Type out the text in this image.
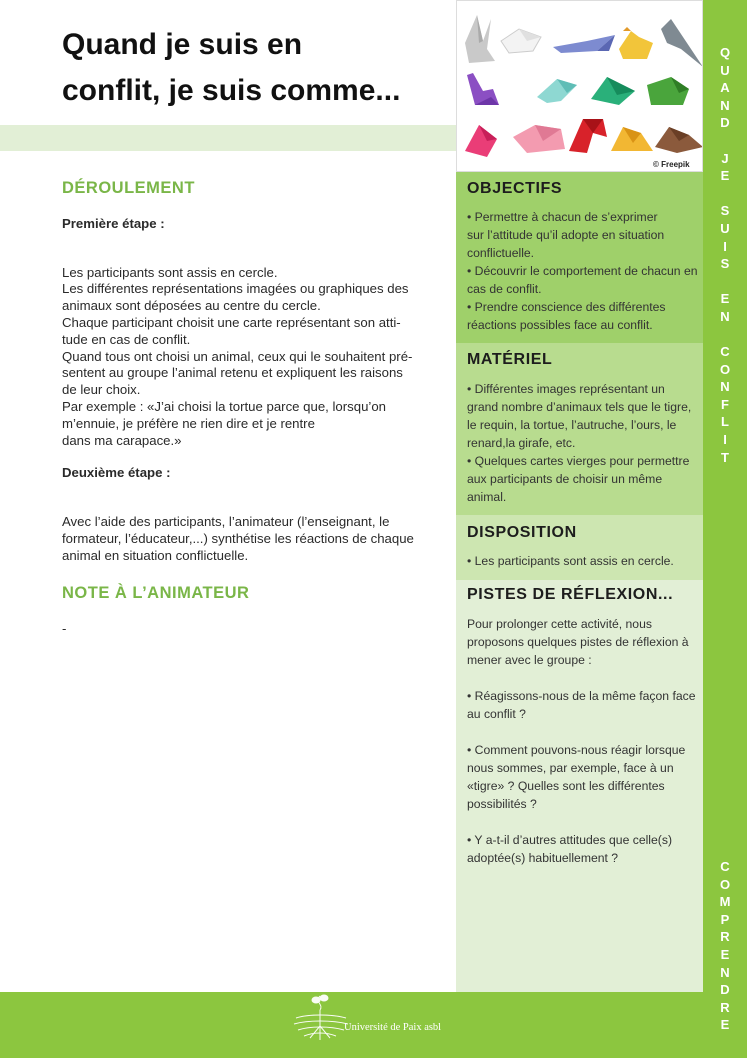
Quand je suis en
conflit, je suis comme...
DÉROULEMENT
Première étape :

Les participants sont assis en cercle.

Les différentes représentations imagées ou graphiques des

animaux sont déposées au centre du cercle.

Chaque participant choisit une carte représentant son atti-

tude en cas de conflit.

Quand tous ont choisi un animal, ceux qui le souhaitent pré-

sentent au groupe l’animal retenu et expliquent les raisons

de leur choix.

Par exemple : «J’ai choisi la tortue parce que, lorsqu’on

m’ennuie, je préfère ne rien dire et je rentre

dans ma carapace.»

Deuxième étape :

Avec l’aide des participants, l’animateur (l’enseignant, le

formateur, l’éducateur,...) synthétise les réactions de chaque

animal en situation conflictuelle.

NOTE À L’ANIMATEUR

-

© Freepik
OBJECTIFS
• Permettre à chacun de s’exprimer
sur l’attitude qu’il adopte en situation
conflictuelle.
• Découvrir le comportement de chacun en
cas de conflit.
• Prendre conscience des différentes
réactions possibles face au conflit.
MATÉRIEL
• Différentes images représentant un
grand nombre d’animaux tels que le tigre,
le requin, la tortue, l’autruche, l’ours, le
renard,la girafe, etc.
• Quelques cartes vierges pour permettre
aux participants de choisir un même
animal.
DISPOSITION
• Les participants sont assis en cercle.
PISTES DE RÉFLEXION...
Pour prolonger cette activité, nous
proposons quelques pistes de réflexion à
mener avec le groupe :
• Réagissons-nous de la même façon face
au conflit ?
• Comment pouvons-nous réagir lorsque
nous sommes, par exemple, face à un
«tigre» ? Quelles sont les différentes
possibilités ?
• Y a-t-il d’autres attitudes que celle(s)
adoptée(s) habituellement ?
Q
U
A
N
D

J
E

S
U
I
S

E
N

C
O
N
F
L
I
T
C
O
M
P
R
E
N
D
R
E
Université de Paix asbl
